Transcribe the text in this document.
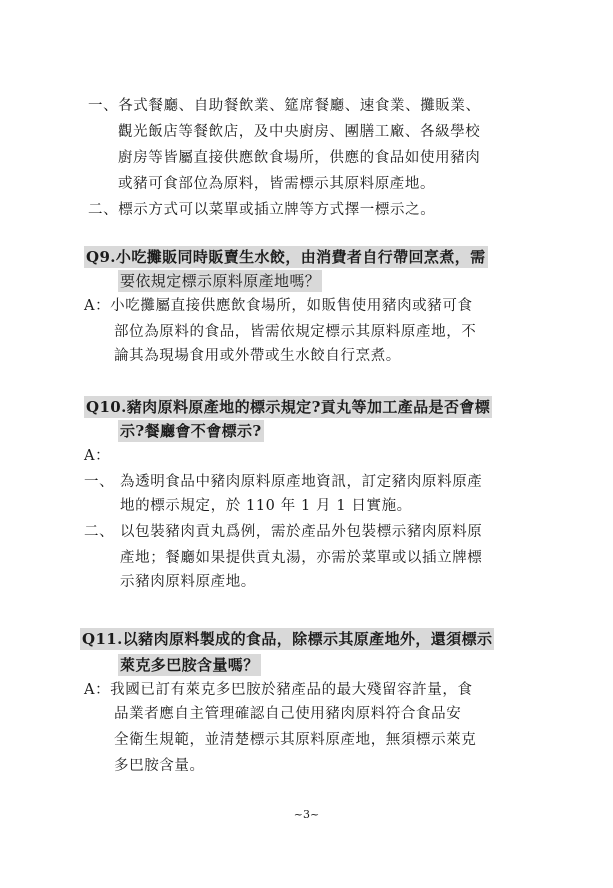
一、各式餐廳、自助餐飲業、筵席餐廳、速食業、攤販業、
觀光飯店等餐飲店，及中央廚房、團膳工廠、各級學校
廚房等皆屬直接供應飲食場所，供應的食品如使用豬肉
或豬可食部位為原料，皆需標示其原料原產地。
二、標示方式可以菜單或插立牌等方式擇一標示之。
Q9.小吃攤販同時販賣生水餃，由消費者自行帶回烹煮，需
要依規定標示原料原產地嗎？
A：小吃攤屬直接供應飲食場所，如販售使用豬肉或豬可食
部位為原料的食品，皆需依規定標示其原料原產地，不
論其為現場食用或外帶或生水餃自行烹煮。
Q10.豬肉原料原產地的標示規定?貢丸等加工產品是否會標
示?餐廳會不會標示?
A：
一、 為透明食品中豬肉原料原產地資訊，訂定豬肉原料原產
地的標示規定，於 110 年 1 月 1 日實施。
二、 以包裝豬肉貢丸爲例，需於產品外包裝標示豬肉原料原
產地；餐廳如果提供貢丸湯，亦需於菜單或以插立牌標
示豬肉原料原產地。
Q11.以豬肉原料製成的食品，除標示其原產地外，還須標示
萊克多巴胺含量嗎？
A：我國已訂有萊克多巴胺於豬產品的最大殘留容許量，食
品業者應自主管理確認自己使用豬肉原料符合食品安
全衛生規範，並清楚標示其原料原產地，無須標示萊克
多巴胺含量。
~3~
